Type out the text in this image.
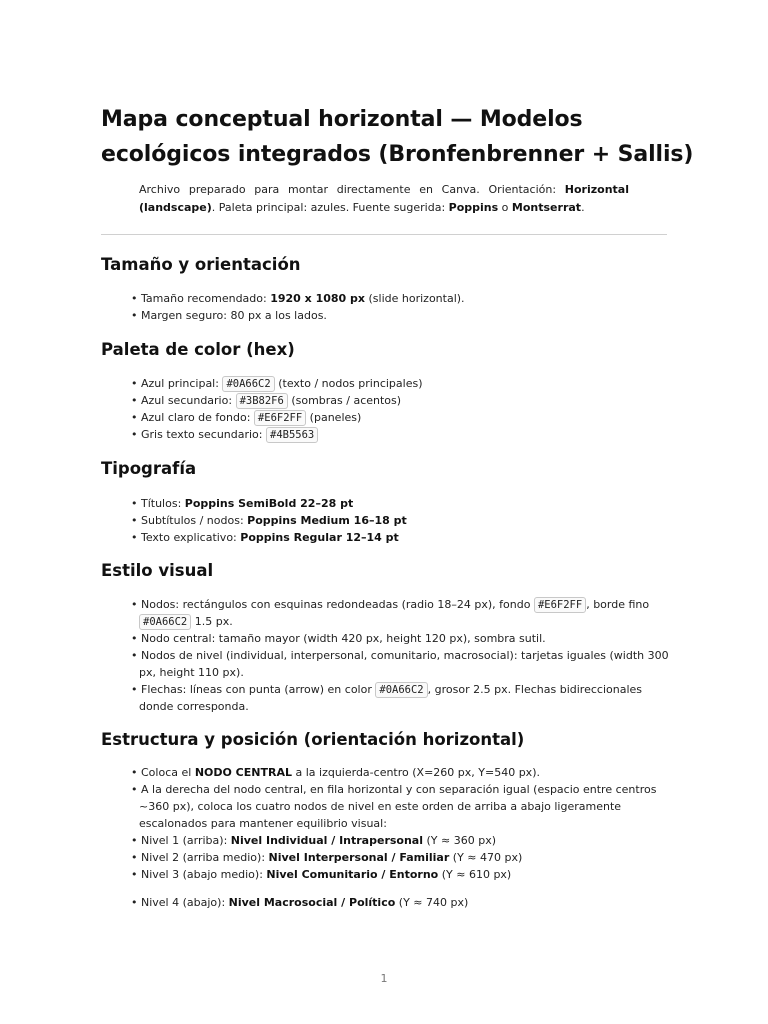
Mapa conceptual horizontal — Modelos ecológicos integrados (Bronfenbrenner + Sallis)

Archivo preparado para montar directamente en Canva. Orientación: Horizontal (landscape). Paleta principal: azules. Fuente sugerida: Poppins o Montserrat.

Tamaño y orientación
• Tamaño recomendado: 1920 x 1080 px (slide horizontal).
• Margen seguro: 80 px a los lados.
Paleta de color (hex)
• Azul principal: #0A66C2 (texto / nodos principales)
• Azul secundario: #3B82F6 (sombras / acentos)
• Azul claro de fondo: #E6F2FF (paneles)
• Gris texto secundario: #4B5563
Tipografía
• Títulos: Poppins SemiBold 22–28 pt
• Subtítulos / nodos: Poppins Medium 16–18 pt
• Texto explicativo: Poppins Regular 12–14 pt
Estilo visual
• Nodos: rectángulos con esquinas redondeadas (radio 18–24 px), fondo #E6F2FF , borde fino #0A66C2 1.5 px.
• Nodo central: tamaño mayor (width 420 px, height 120 px), sombra sutil.
• Nodos de nivel (individual, interpersonal, comunitario, macrosocial): tarjetas iguales (width 300 px, height 110 px).
• Flechas: líneas con punta (arrow) en color #0A66C2 , grosor 2.5 px. Flechas bidireccionales donde corresponda.
Estructura y posición (orientación horizontal)
• Coloca el NODO CENTRAL a la izquierda-centro (X=260 px, Y=540 px).
• A la derecha del nodo central, en fila horizontal y con separación igual (espacio entre centros ~360 px), coloca los cuatro nodos de nivel en este orden de arriba a abajo ligeramente escalonados para mantener equilibrio visual:
• Nivel 1 (arriba): Nivel Individual / Intrapersonal (Y ≈ 360 px)
• Nivel 2 (arriba medio): Nivel Interpersonal / Familiar (Y ≈ 470 px)
• Nivel 3 (abajo medio): Nivel Comunitario / Entorno (Y ≈ 610 px)
• Nivel 4 (abajo): Nivel Macrosocial / Político (Y ≈ 740 px)
1
